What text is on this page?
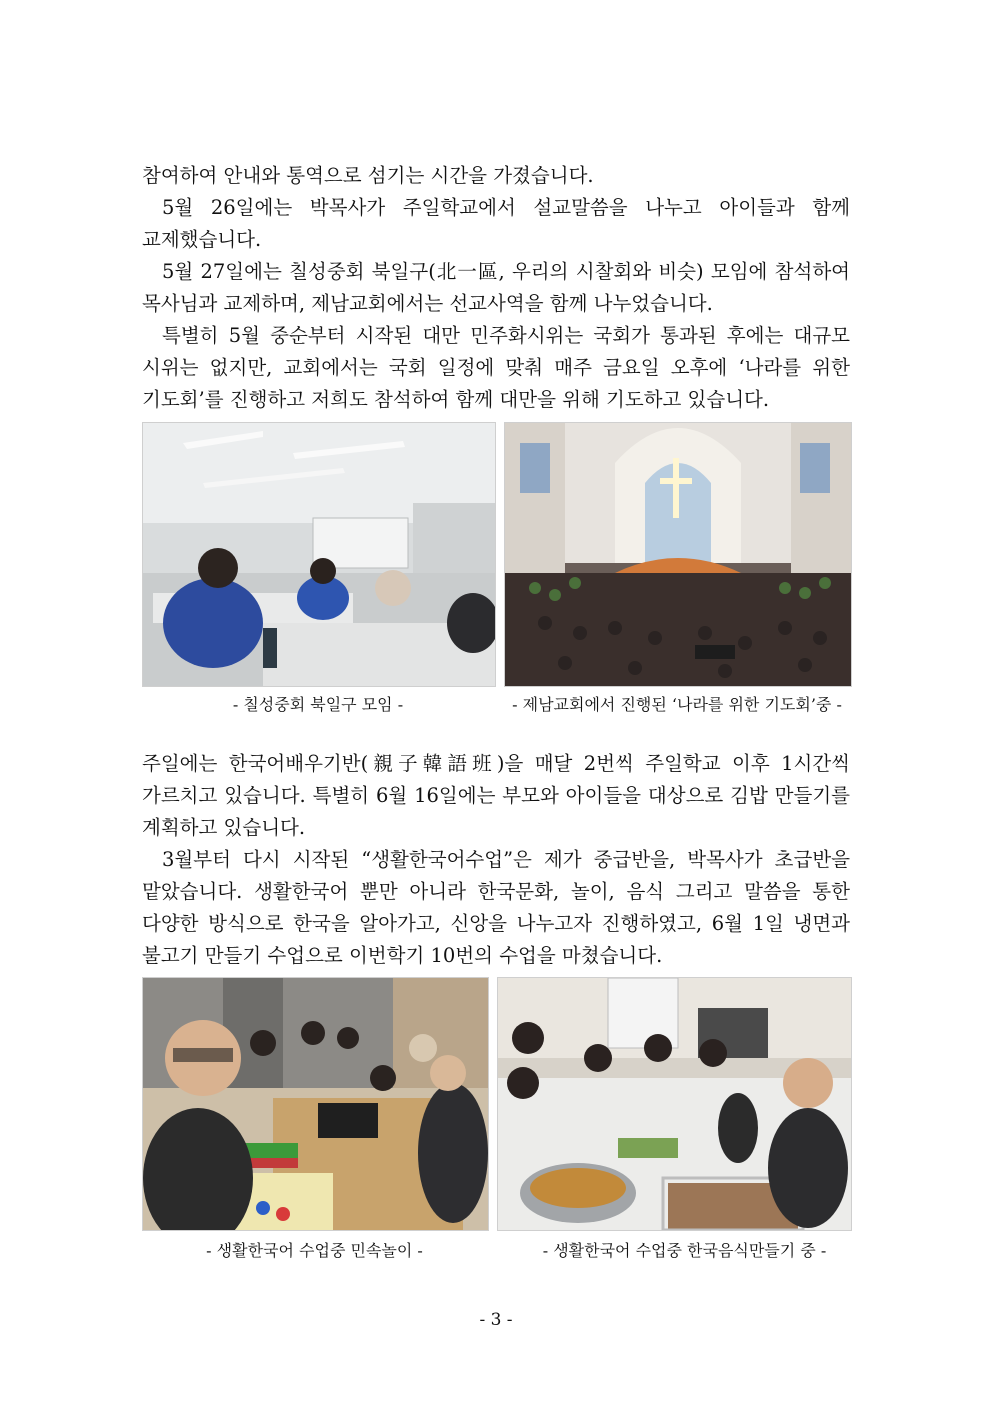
참여하여 안내와 통역으로 섬기는 시간을 가졌습니다.

5월 26일에는 박목사가 주일학교에서 설교말씀을 나누고 아이들과 함께 교제했습니다.

5월 27일에는 칠성중회 북일구(北一區, 우리의 시찰회와 비슷) 모임에 참석하여 목사님과 교제하며, 제남교회에서는 선교사역을 함께 나누었습니다.

특별히 5월 중순부터 시작된 대만 민주화시위는 국회가 통과된 후에는 대규모 시위는 없지만, 교회에서는 국회 일정에 맞춰 매주 금요일 오후에 ‘나라를 위한 기도회’를 진행하고 저희도 참석하여 함께 대만을 위해 기도하고 있습니다.

- 칠성중회 북일구 모임 -	- 제남교회에서 진행된 ‘나라를 위한 기도회’중 -

주일에는 한국어배우기반(親子韓語班)을 매달 2번씩 주일학교 이후 1시간씩 가르치고 있습니다. 특별히 6월 16일에는 부모와 아이들을 대상으로 김밥 만들기를 계획하고 있습니다.

3월부터 다시 시작된 “생활한국어수업”은 제가 중급반을, 박목사가 초급반을 맡았습니다. 생활한국어 뿐만 아니라 한국문화, 놀이, 음식 그리고 말씀을 통한 다양한 방식으로 한국을 알아가고, 신앙을 나누고자 진행하였고, 6월 1일 냉면과 불고기 만들기 수업으로 이번학기 10번의 수업을 마쳤습니다.

- 생활한국어 수업중 민속놀이 -	- 생활한국어 수업중 한국음식만들기 중 -
- 3 -
